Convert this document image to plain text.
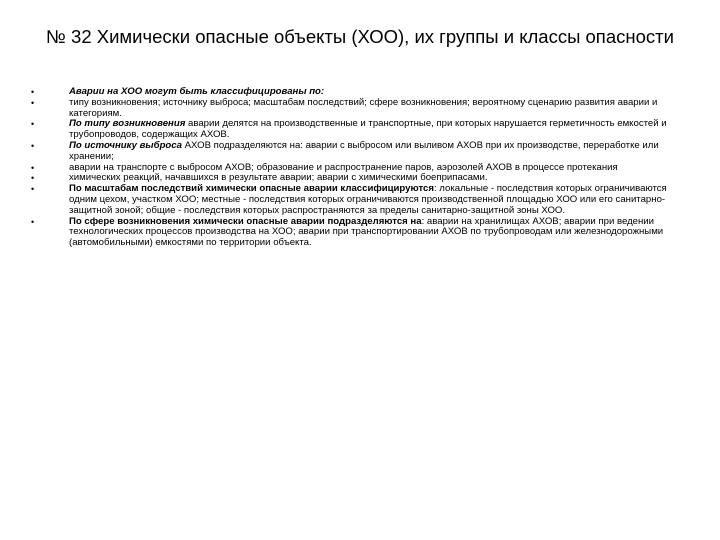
№ 32 Химически опасные объекты (ХОО), их группы и классы опасности
•	Аварии на ХОО могут быть классифицированы по:
•	типу возникновения; источнику выброса; масштабам последствий; сфере возникновения; вероятному сценарию развития аварии и категориям.
•	По типу возникновения аварии делятся на производственные и транспортные, при которых нарушается герметичность емкостей и трубопроводов, содержащих АХОВ.
•	По источнику выброса АХОВ подразделяются на: аварии с выбросом или выливом АХОВ при их производстве, переработке или хранении;
•	аварии на транспорте с выбросом АХОВ; образование и распространение паров, аэрозолей АХОВ в процессе протекания
•	химических реакций, начавшихся в результате аварии; аварии с химическими боеприпасами.
•	По масштабам последствий химически опасные аварии классифицируются: локальные - последствия которых ограничиваются одним цехом, участком ХОО; местные - последствия которых ограничиваются производственной площадью ХОО или его санитарно-защитной зоной; общие - последствия которых распространяются за пределы санитарно-защитной зоны ХОО.
•	По сфере возникновения химически опасные аварии подразделяются на: аварии на хранилищах АХОВ; аварии при ведении технологических процессов производства на ХОО; аварии при транспортировании АХОВ по трубопроводам или железнодорожными (автомобильными) емкостями по территории объекта.
